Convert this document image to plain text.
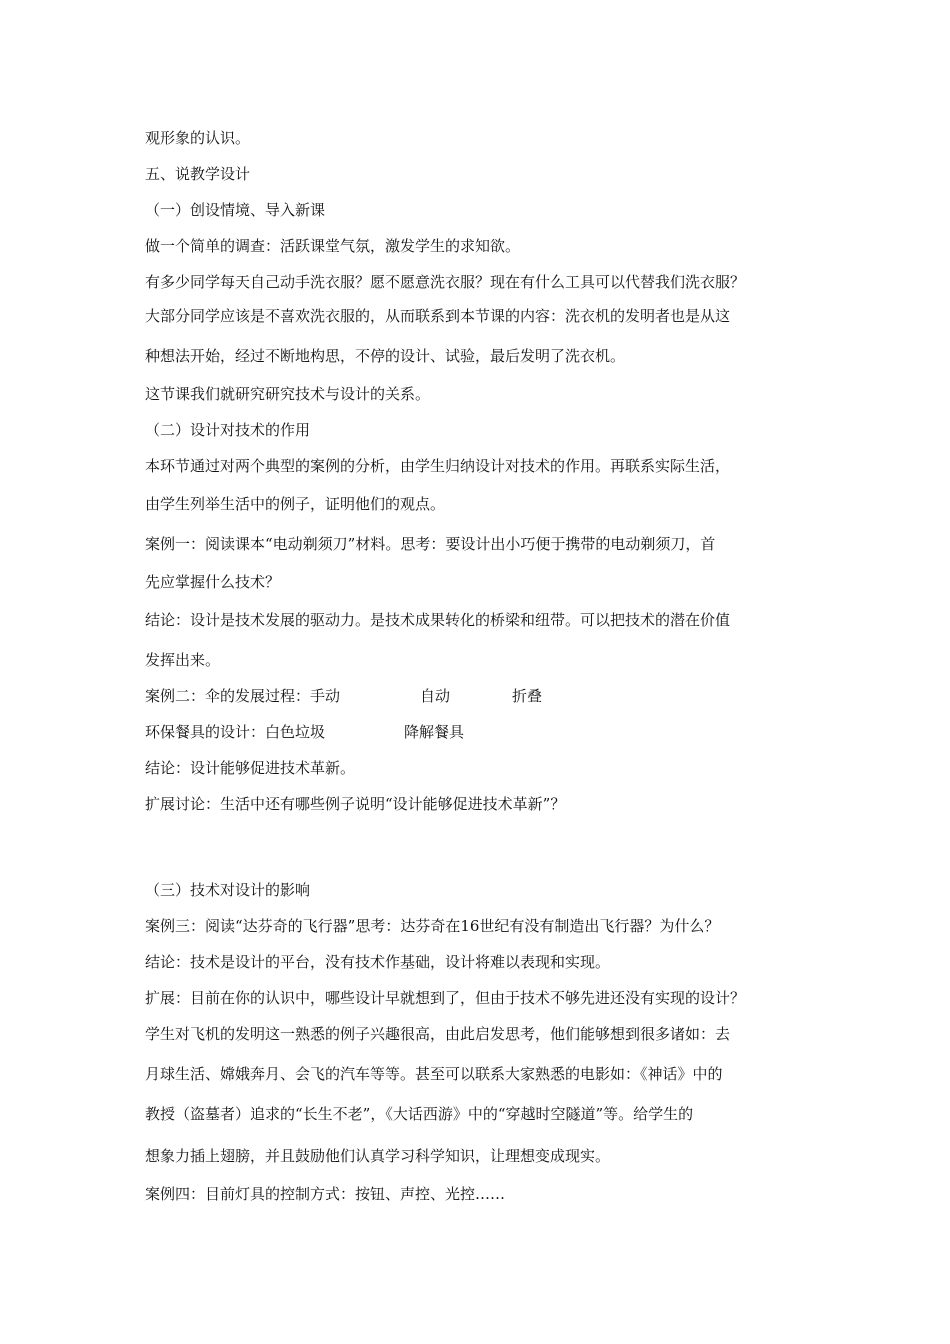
观形象的认识。
五、说教学设计
（一）创设情境、导入新课
做一个简单的调查：活跃课堂气氛，激发学生的求知欲。
有多少同学每天自己动手洗衣服？愿不愿意洗衣服？现在有什么工具可以代替我们洗衣服？
大部分同学应该是不喜欢洗衣服的，从而联系到本节课的内容：洗衣机的发明者也是从这
种想法开始，经过不断地构思，不停的设计、试验，最后发明了洗衣机。
这节课我们就研究研究技术与设计的关系。
（二）设计对技术的作用
本环节通过对两个典型的案例的分析，由学生归纳设计对技术的作用。再联系实际生活，
由学生列举生活中的例子，证明他们的观点。
案例一：阅读课本“电动剃须刀”材料。思考：要设计出小巧便于携带的电动剃须刀，首
先应掌握什么技术？
结论：设计是技术发展的驱动力。是技术成果转化的桥梁和纽带。可以把技术的潜在价值
发挥出来。
案例二：伞的发展过程：手动	自动	折叠
环保餐具的设计：白色垃圾	降解餐具
结论：设计能够促进技术革新。
扩展讨论：生活中还有哪些例子说明“设计能够促进技术革新”？
（三）技术对设计的影响
案例三：阅读“达芬奇的飞行器”思考：达芬奇在16世纪有没有制造出飞行器？为什么？
结论：技术是设计的平台，没有技术作基础，设计将难以表现和实现。
扩展：目前在你的认识中，哪些设计早就想到了，但由于技术不够先进还没有实现的设计？
学生对飞机的发明这一熟悉的例子兴趣很高，由此启发思考，他们能够想到很多诸如：去
月球生活、嫦娥奔月、会飞的汽车等等。甚至可以联系大家熟悉的电影如：《神话》中的
教授（盗墓者）追求的“长生不老”，《大话西游》中的“穿越时空隧道”等。给学生的
想象力插上翅膀，并且鼓励他们认真学习科学知识，让理想变成现实。
案例四：目前灯具的控制方式：按钮、声控、光控……
